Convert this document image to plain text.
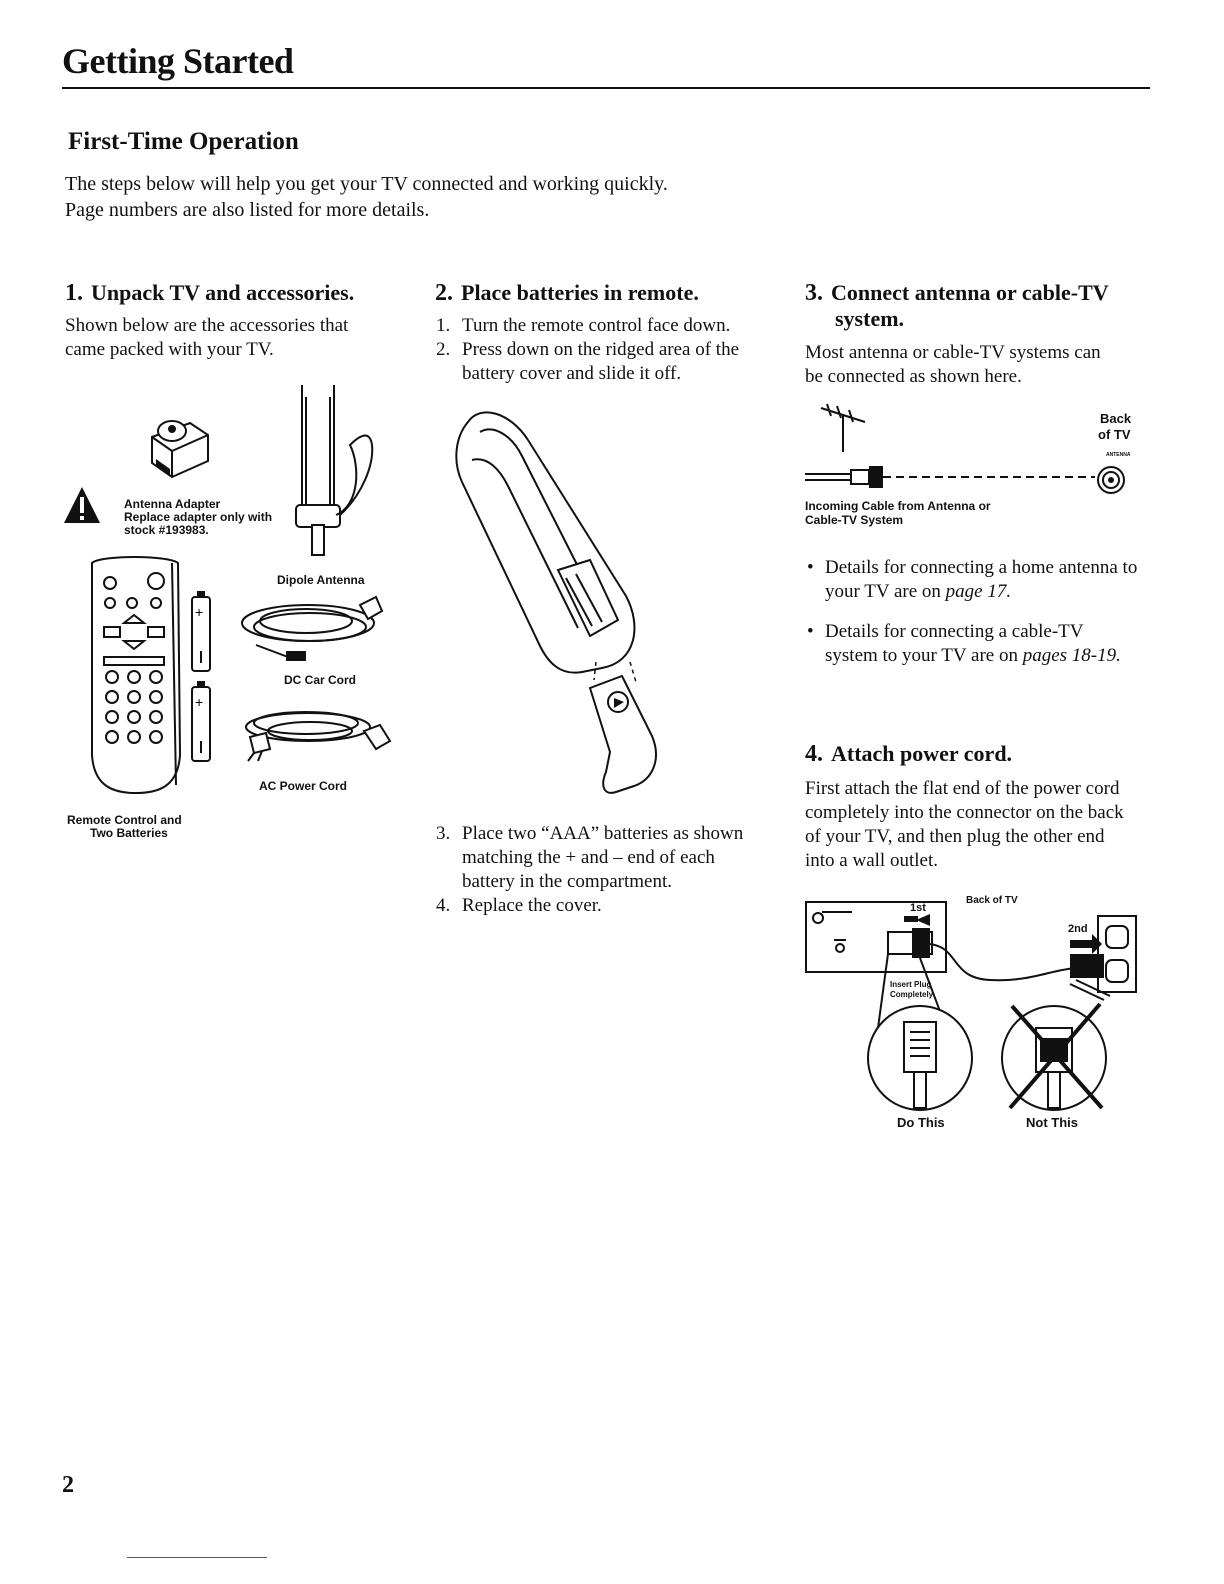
Getting Started
First-Time Operation
The steps below will help you get your TV connected and working quickly.
Page numbers are also listed for more details.
1. Unpack TV and accessories.
Shown below are the accessories that
came packed with your TV.
+
+
Antenna Adapter
Replace adapter only with
stock #193983.
Dipole Antenna
DC Car Cord
AC Power Cord
Remote Control and
Two Batteries
2. Place batteries in remote.
1. Turn the remote control face down.
2. Press down on the ridged area of the battery cover and slide it off.
3. Place two “AAA” batteries as shown matching the + and – end of each battery in the compartment.
4. Replace the cover.
3. Connect antenna or cable-TV
system.
Most antenna or cable-TV systems can
be connected as shown here.
Back
of TV
ANTENNA
Incoming Cable from Antenna or
Cable-TV System
• Details for connecting a home antenna to your TV are on page 17.
• Details for connecting a cable-TV system to your TV are on pages 18-19.
4. Attach power cord.
First attach the flat end of the power cord
completely into the connector on the back
of your TV, and then plug the other end
into a wall outlet.
Back of TV
1st
2nd
Insert Plug
Completely
Do This	Not This
2
